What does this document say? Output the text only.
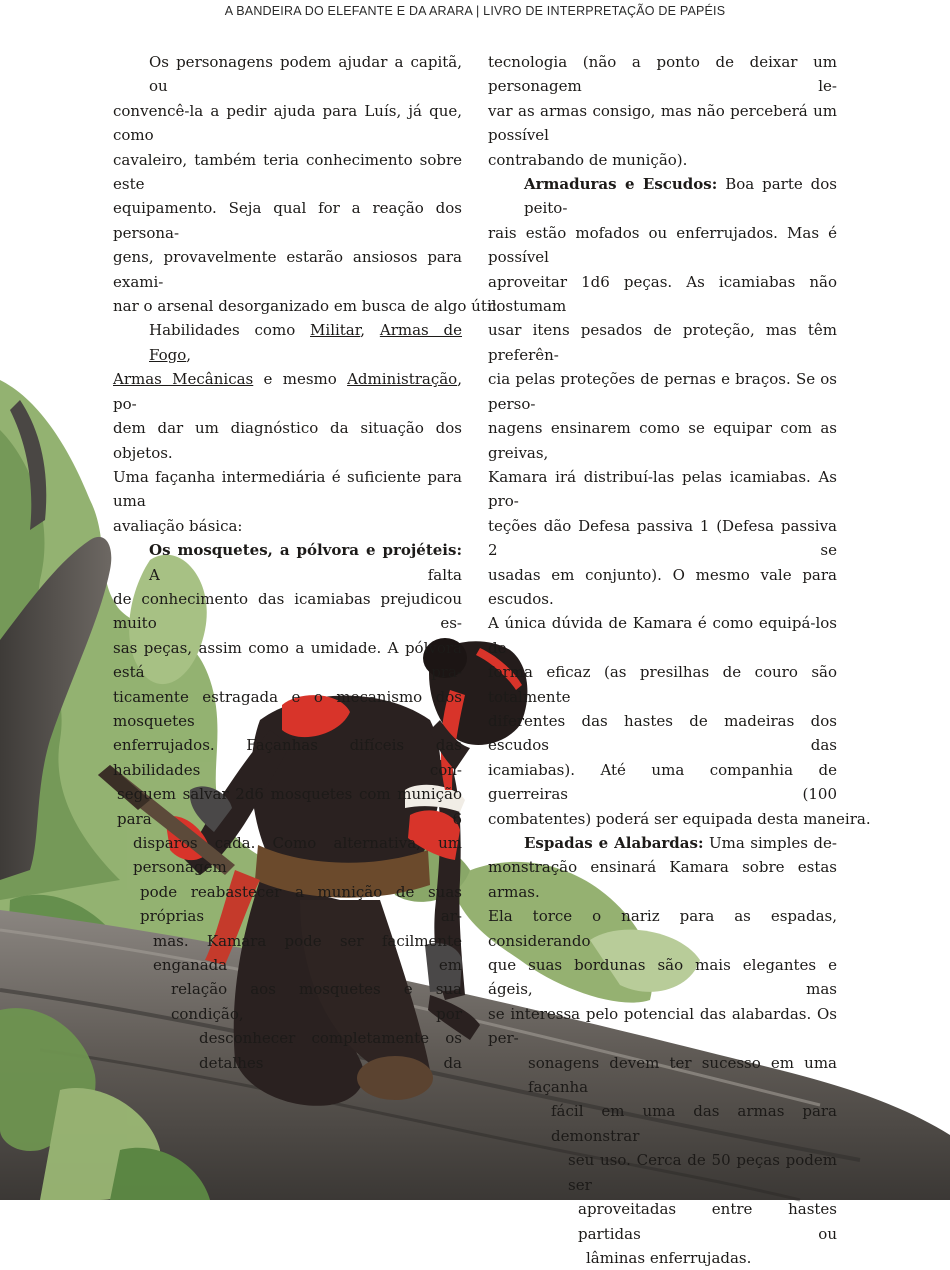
A BANDEIRA DO ELEFANTE E DA ARARA | LIVRO DE INTERPRETAÇÃO DE PAPÉIS

Os personagens podem ajudar a capitã, ou
convencê-la a pedir ajuda para Luís, já que, como
cavaleiro, também teria conhecimento sobre este
equipamento. Seja qual for a reação dos persona-
gens, provavelmente estarão ansiosos para exami-
nar o arsenal desorganizado em busca de algo útil.

Habilidades como Militar, Armas de Fogo,
Armas Mecânicas e mesmo Administração, po-
dem dar um diagnóstico da situação dos objetos.
Uma façanha intermediária é suficiente para uma
avaliação básica:

Os mosquetes, a pólvora e projéteis: A falta
de conhecimento das icamiabas prejudicou muito es-
sas peças, assim como a umidade. A pólvora está pra-
ticamente estragada e o mecanismo dos mosquetes
enferrujados. Façanhas difíceis das habilidades con-
seguem salvar 2d6 mosquetes com munição para 6
disparos cada. Como alternativa, um personagem
pode reabastecer a munição de suas próprias ar-
mas. Kamara pode ser facilmente enganada em
relação aos mosquetes e sua condição, por
desconhecer completamente os detalhes da

tecnologia (não a ponto de deixar um personagem le-
var as armas consigo, mas não perceberá um possível
contrabando de munição).

Armaduras e Escudos: Boa parte dos peito-
rais estão mofados ou enferrujados. Mas é possível
aproveitar 1d6 peças. As icamiabas não costumam
usar itens pesados de proteção, mas têm preferên-
cia pelas proteções de pernas e braços. Se os perso-
nagens ensinarem como se equipar com as greivas,
Kamara irá distribuí-las pelas icamiabas. As pro-
teções dão Defesa passiva 1 (Defesa passiva 2 se
usadas em conjunto). O mesmo vale para escudos.
A única dúvida de Kamara é como equipá-los de
forma eficaz (as presilhas de couro são totalmente
diferentes das hastes de madeiras dos escudos das
icamiabas). Até uma companhia de guerreiras (100
combatentes) poderá ser equipada desta maneira.

Espadas e Alabardas: Uma simples de-
monstração ensinará Kamara sobre estas armas.
Ela torce o nariz para as espadas, considerando
que suas bordunas são mais elegantes e ágeis, mas
se interessa pelo potencial das alabardas. Os per-
sonagens devem ter sucesso em uma façanha
fácil em uma das armas para demonstrar
seu uso. Cerca de 50 peças podem ser
aproveitadas entre hastes partidas ou
lâminas enferrujadas.
